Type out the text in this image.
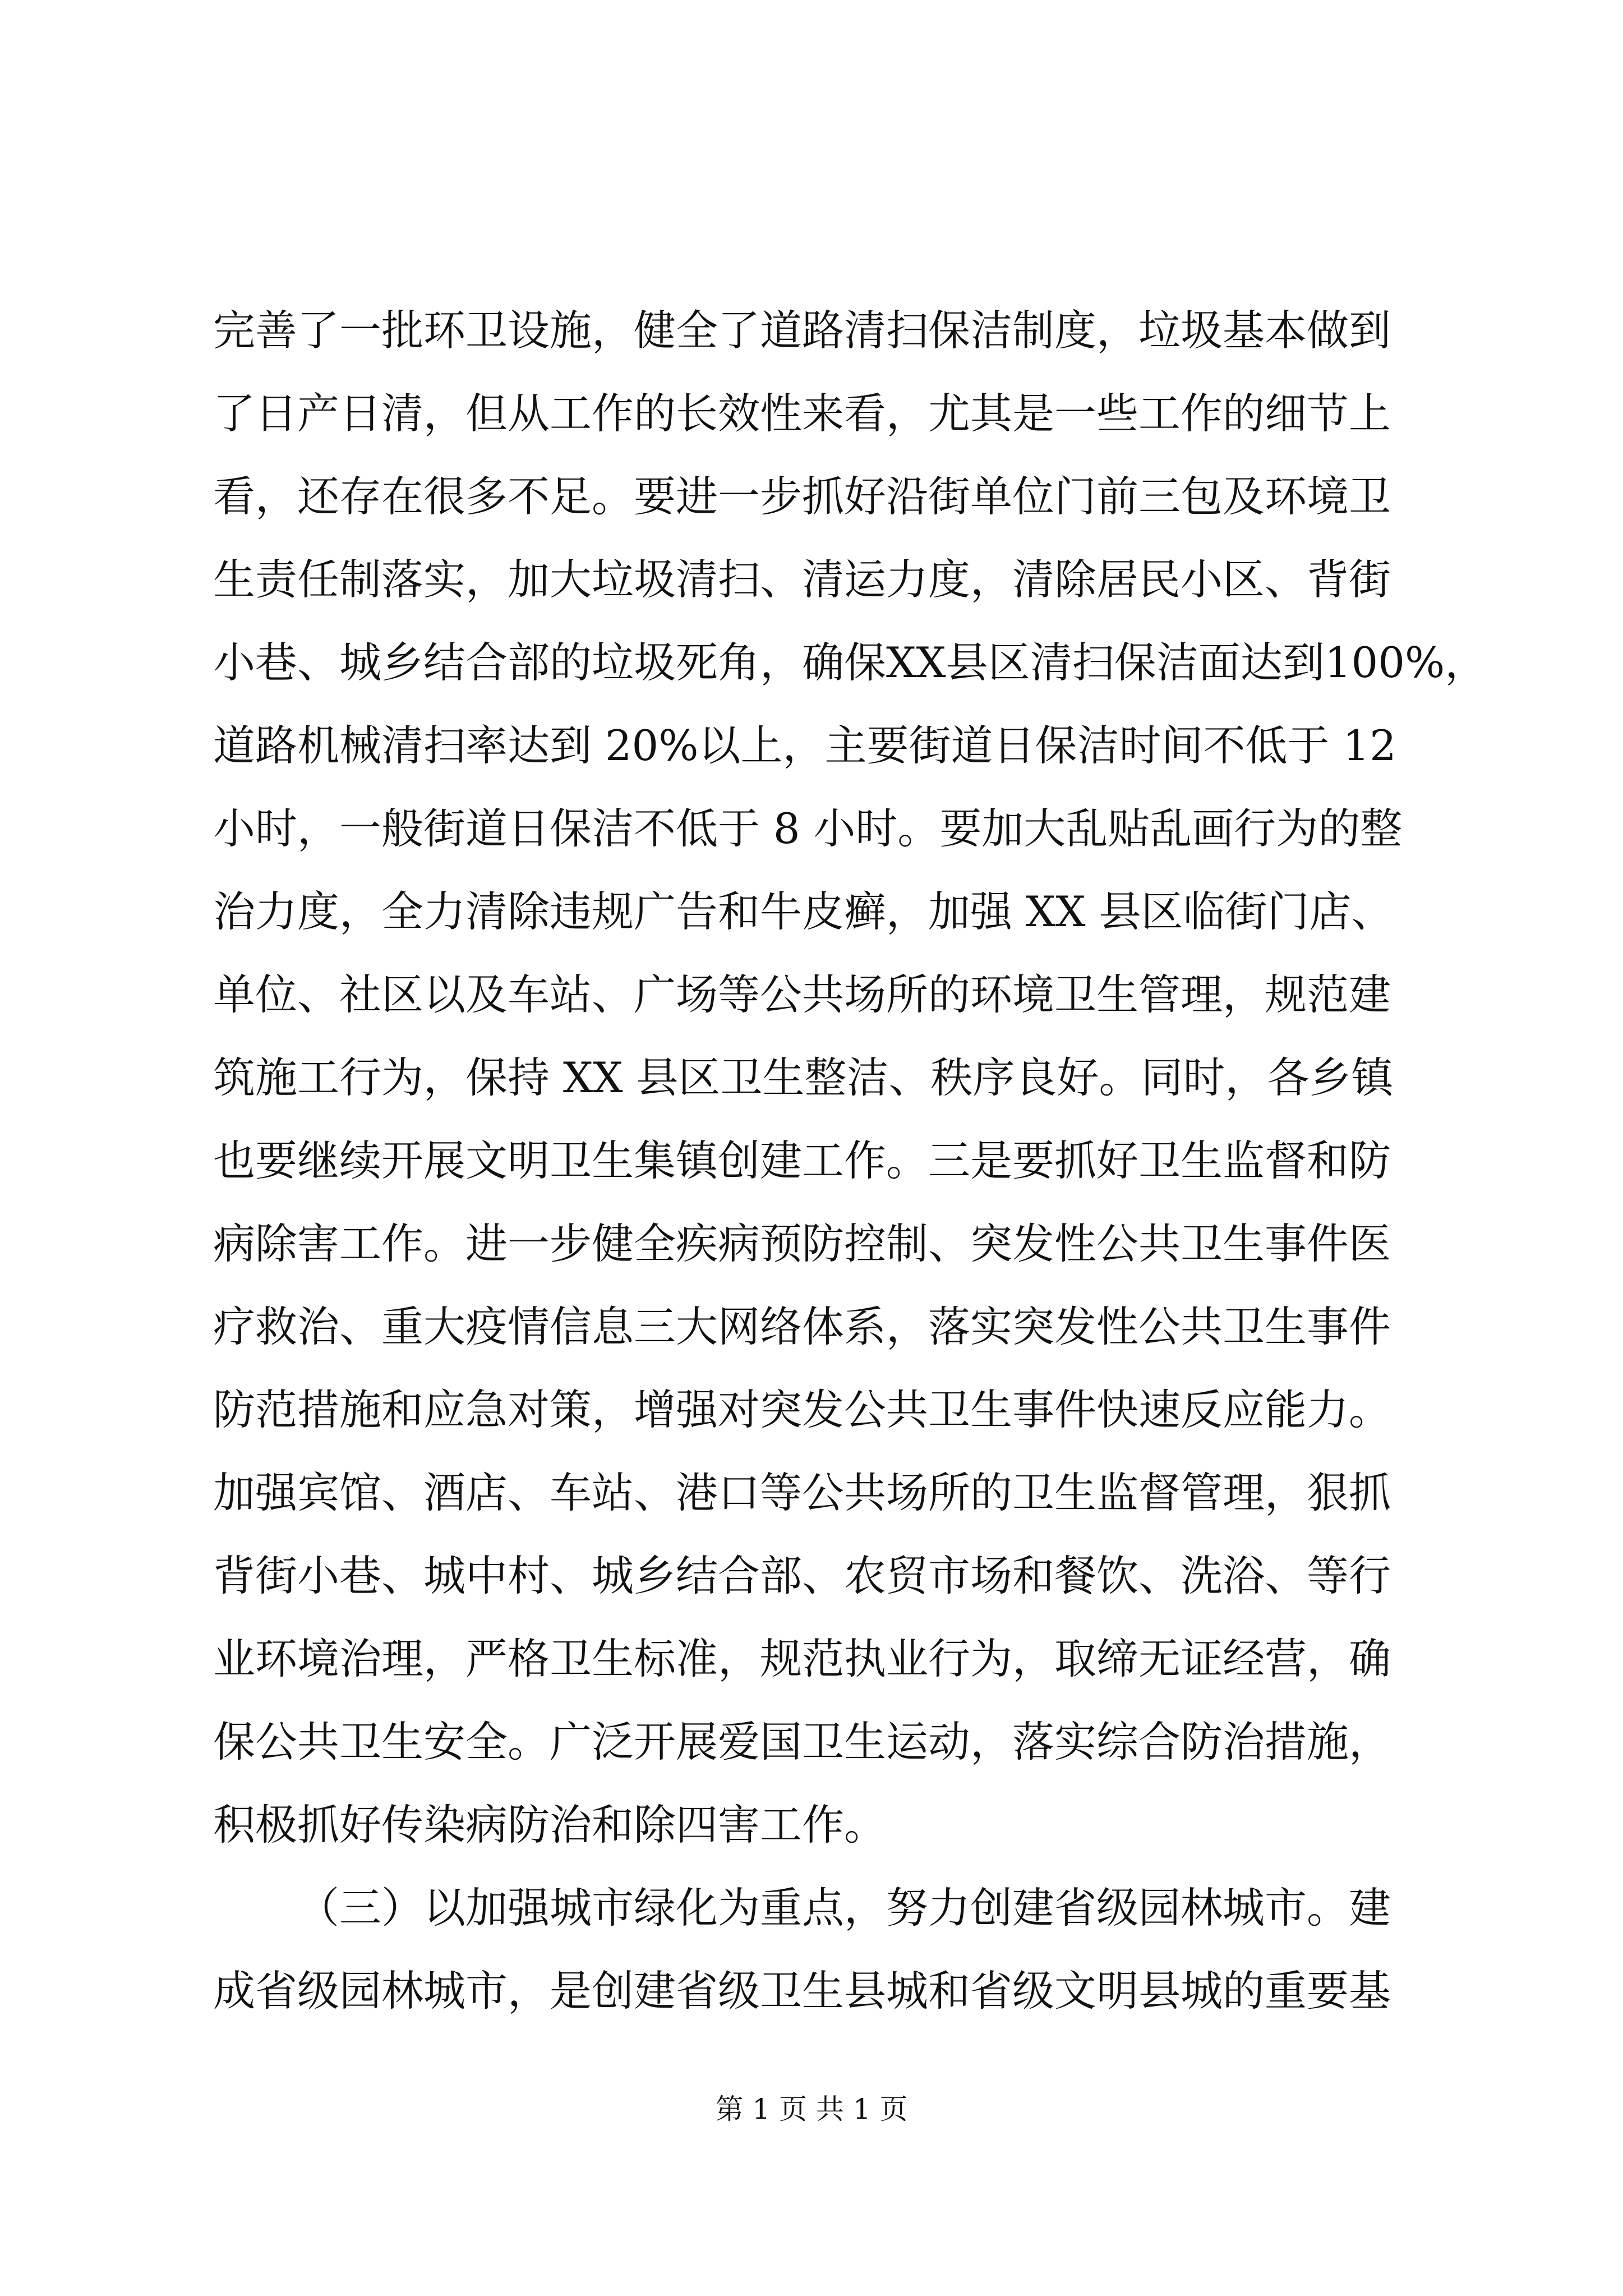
完善了一批环卫设施，健全了道路清扫保洁制度，垃圾基本做到
了日产日清，但从工作的长效性来看，尤其是一些工作的细节上
看，还存在很多不足。要进一步抓好沿街单位门前三包及环境卫
生责任制落实，加大垃圾清扫、清运力度，清除居民小区、背街
小巷、城乡结合部的垃圾死角，确保XX县区清扫保洁面达到100%，
道路机械清扫率达到 20%以上，主要街道日保洁时间不低于 12
小时，一般街道日保洁不低于 8 小时。要加大乱贴乱画行为的整
治力度，全力清除违规广告和牛皮癣，加强 XX 县区临街门店、
单位、社区以及车站、广场等公共场所的环境卫生管理，规范建
筑施工行为，保持 XX 县区卫生整洁、秩序良好。同时，各乡镇
也要继续开展文明卫生集镇创建工作。三是要抓好卫生监督和防
病除害工作。进一步健全疾病预防控制、突发性公共卫生事件医
疗救治、重大疫情信息三大网络体系，落实突发性公共卫生事件
防范措施和应急对策，增强对突发公共卫生事件快速反应能力。
加强宾馆、酒店、车站、港口等公共场所的卫生监督管理，狠抓
背街小巷、城中村、城乡结合部、农贸市场和餐饮、洗浴、等行
业环境治理，严格卫生标准，规范执业行为，取缔无证经营，确
保公共卫生安全。广泛开展爱国卫生运动，落实综合防治措施，
积极抓好传染病防治和除四害工作。
（三）以加强城市绿化为重点，努力创建省级园林城市。建
成省级园林城市，是创建省级卫生县城和省级文明县城的重要基
第 1 页 共 1 页
